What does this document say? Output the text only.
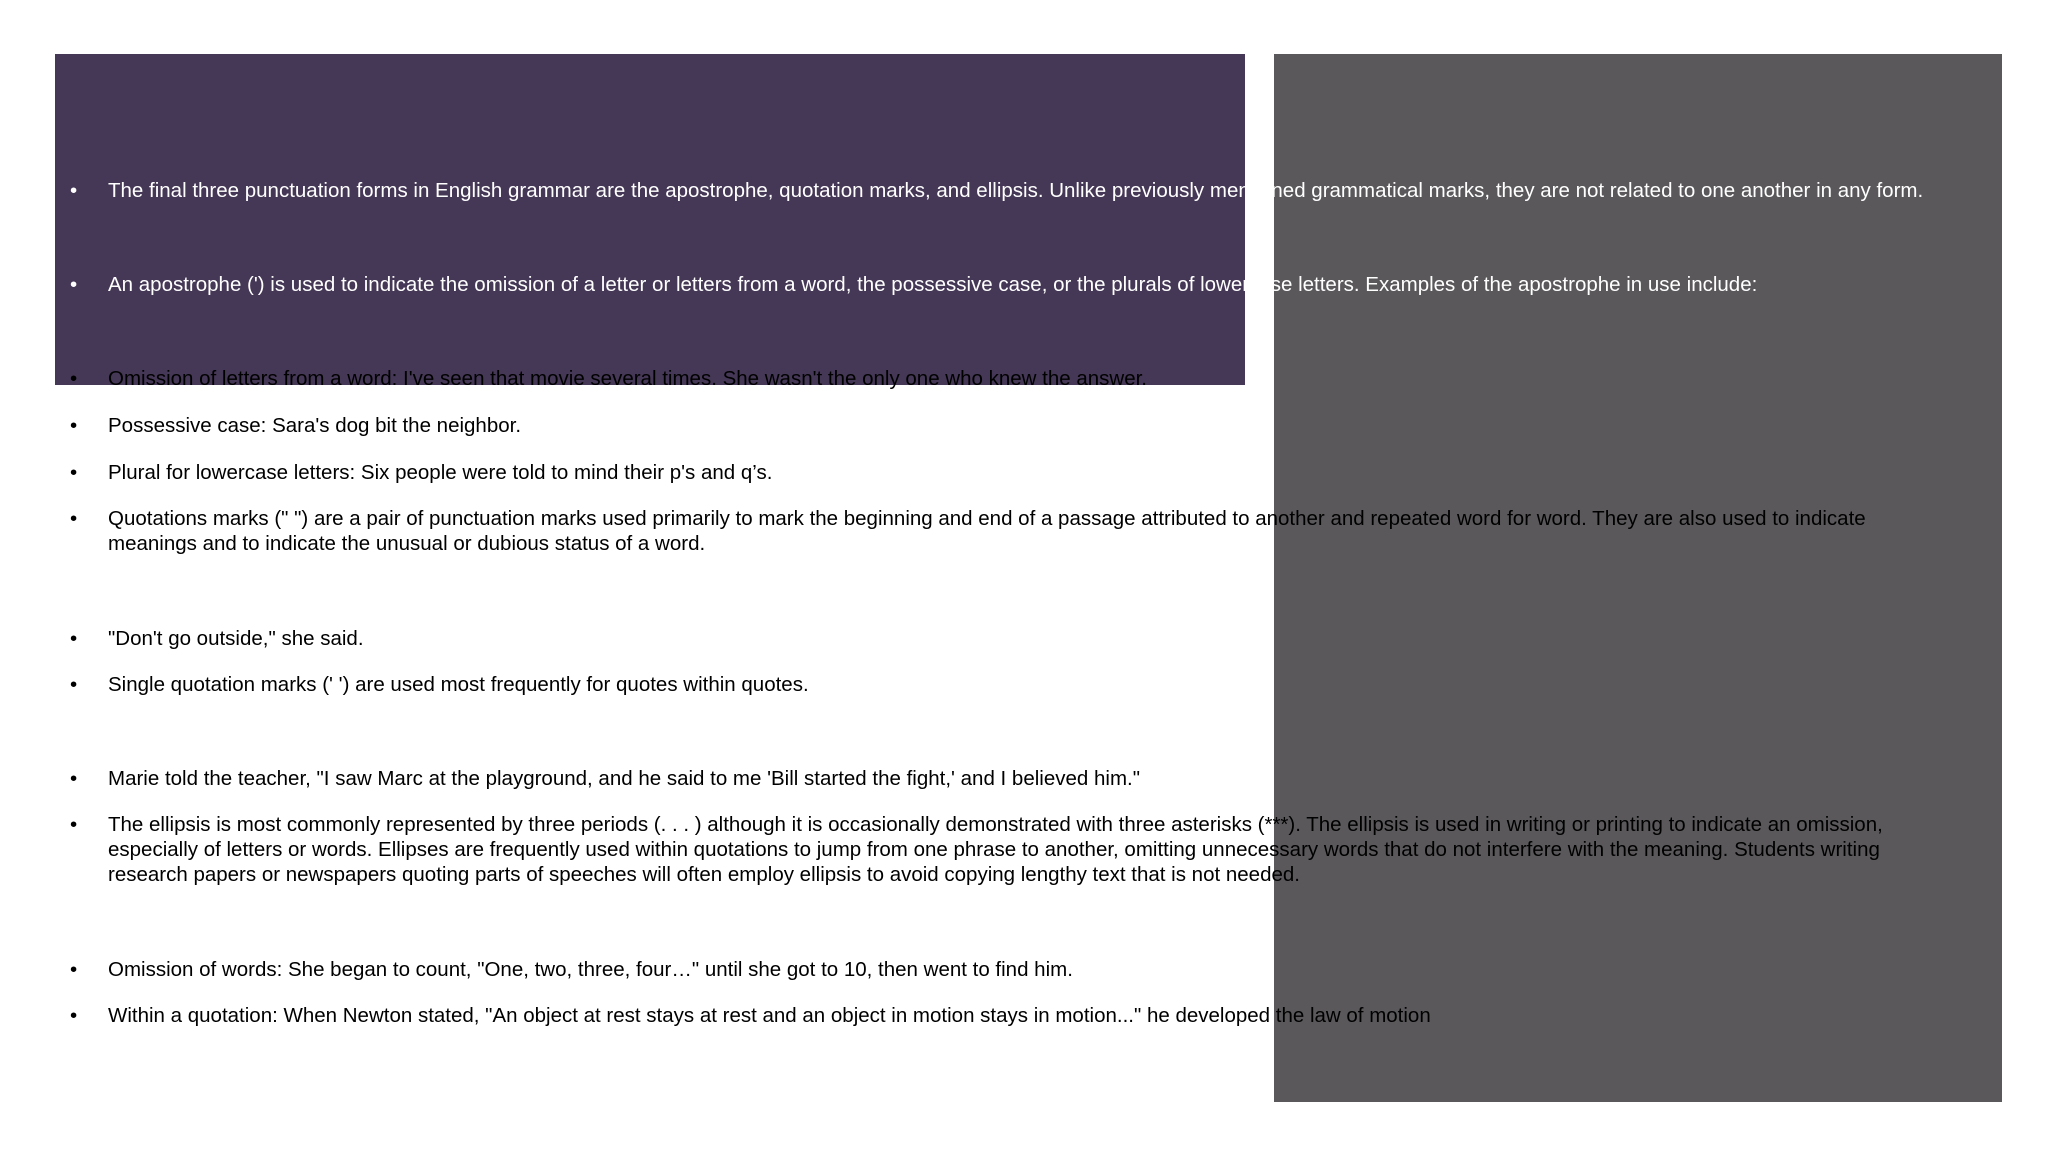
• The final three punctuation forms in English grammar are the apostrophe, quotation marks, and ellipsis. Unlike previously mentioned grammatical marks, they are not related to one another in any form.
• An apostrophe (') is used to indicate the omission of a letter or letters from a word, the possessive case, or the plurals of lowercase letters. Examples of the apostrophe in use include:
• Omission of letters from a word: I've seen that movie several times. She wasn't the only one who knew the answer.
• Possessive case: Sara's dog bit the neighbor.
• Plural for lowercase letters: Six people were told to mind their p's and q’s.
• Quotations marks (" ") are a pair of punctuation marks used primarily to mark the beginning and end of a passage attributed to another and repeated word for word. They are also used to indicate
meanings and to indicate the unusual or dubious status of a word.
• "Don't go outside," she said.
• Single quotation marks (' ') are used most frequently for quotes within quotes.
• Marie told the teacher, "I saw Marc at the playground, and he said to me 'Bill started the fight,' and I believed him."
• The ellipsis is most commonly represented by three periods (. . . ) although it is occasionally demonstrated with three asterisks (***). The ellipsis is used in writing or printing to indicate an omission,
especially of letters or words. Ellipses are frequently used within quotations to jump from one phrase to another, omitting unnecessary words that do not interfere with the meaning. Students writing
research papers or newspapers quoting parts of speeches will often employ ellipsis to avoid copying lengthy text that is not needed.
• Omission of words: She began to count, "One, two, three, four…" until she got to 10, then went to find him.
• Within a quotation: When Newton stated, "An object at rest stays at rest and an object in motion stays in motion..." he developed the law of motion
